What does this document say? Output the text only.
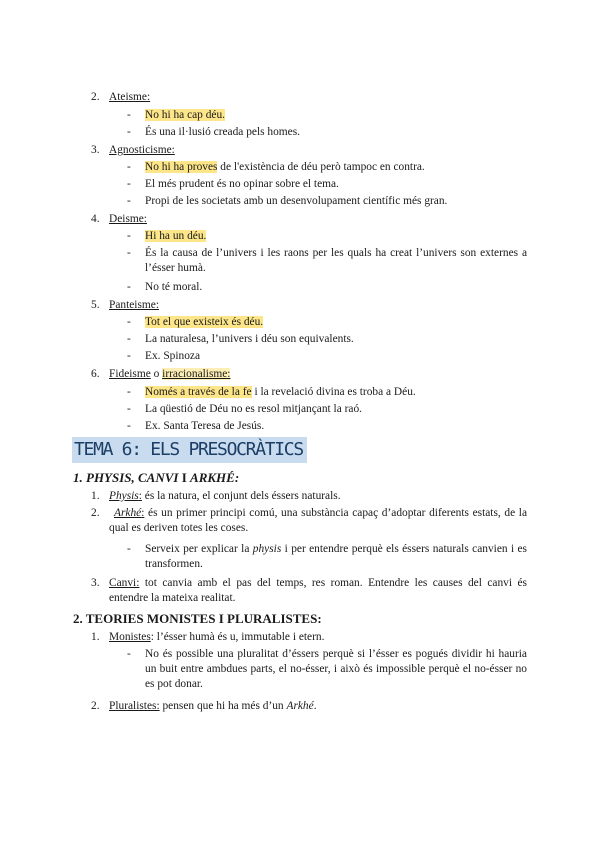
2. Ateisme:
- No hi ha cap déu.
- És una il·lusió creada pels homes.
3. Agnosticisme:
- No hi ha proves de l'existència de déu però tampoc en contra.
- El més prudent és no opinar sobre el tema.
- Propi de les societats amb un desenvolupament científic més gran.
4. Deisme:
- Hi ha un déu.
- És la causa de l’univers i les raons per les quals ha creat l’univers son externes a l’ésser humà.
- No té moral.
5. Panteisme:
- Tot el que existeix és déu.
- La naturalesa, l’univers i déu son equivalents.
- Ex. Spinoza
6. Fideisme o irracionalisme:
- Només a través de la fe i la revelació divina es troba a Déu.
- La qüestió de Déu no es resol mitjançant la raó.
- Ex. Santa Teresa de Jesús.
TEMA 6: ELS PRESOCRÀTICS
1. PHYSIS, CANVI I ARKHÉ:
1. Physis: és la natura, el conjunt dels éssers naturals.
2.	Arkhé: és un primer principi comú, una substància capaç d’adoptar diferents estats, de la qual es deriven totes les coses.
- Serveix per explicar la physis i per entendre perquè els éssers naturals canvien i es transformen.
3. Canvi: tot canvia amb el pas del temps, res roman. Entendre les causes del canvi és entendre la mateixa realitat.
2. TEORIES MONISTES I PLURALISTES:
1. Monistes: l’ésser humà és u, immutable i etern.
- No és possible una pluralitat d’éssers perquè si l’ésser es pogués dividir hi hauria un buit entre ambdues parts, el no-ésser, i això és impossible perquè el no-ésser no es pot donar.
2. Pluralistes: pensen que hi ha més d’un Arkhé.
